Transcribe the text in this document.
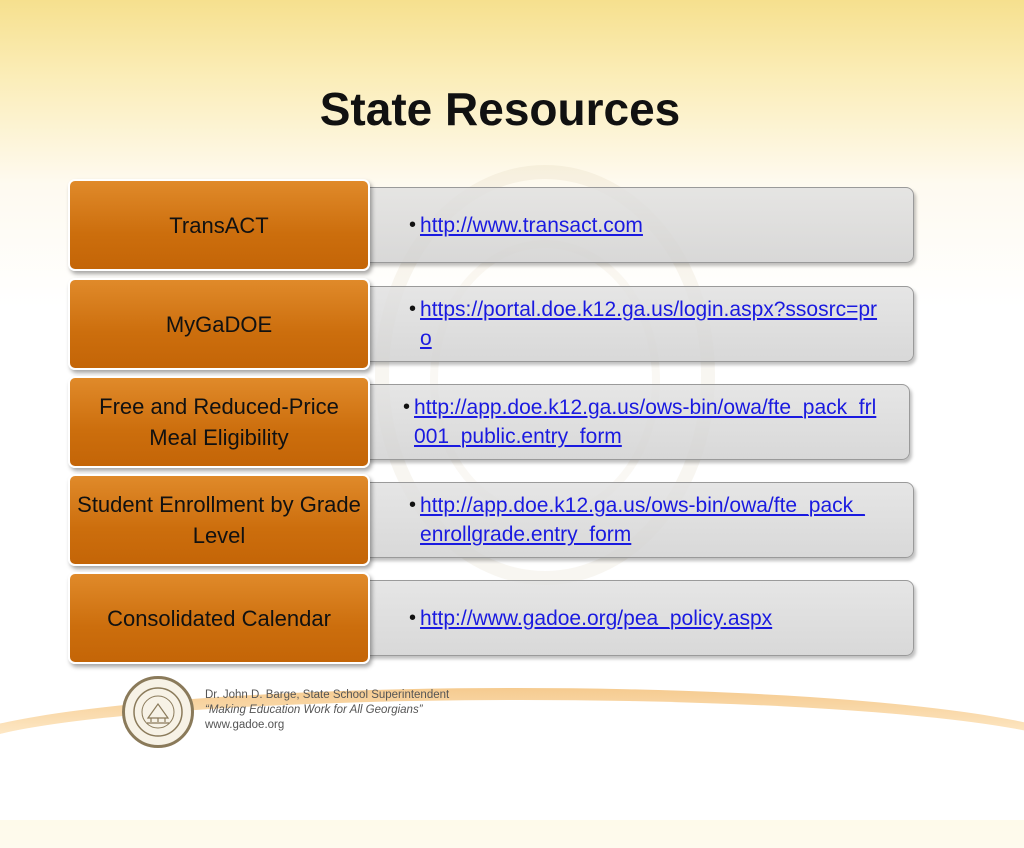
State Resources
TransACT	• http://www.transact.com
MyGaDOE
• https://portal.doe.k12.ga.us/login.aspx?ssosrc=pro
Free and Reduced-Price Meal Eligibility
• http://app.doe.k12.ga.us/ows-bin/owa/fte_pack_frl001_public.entry_form
Student Enrollment by Grade Level
• http://app.doe.k12.ga.us/ows-bin/owa/fte_pack_enrollgrade.entry_form
Consolidated Calendar	• http://www.gadoe.org/pea_policy.aspx
Dr. John D. Barge, State School Superintendent
“Making Education Work for All Georgians”
www.gadoe.org
